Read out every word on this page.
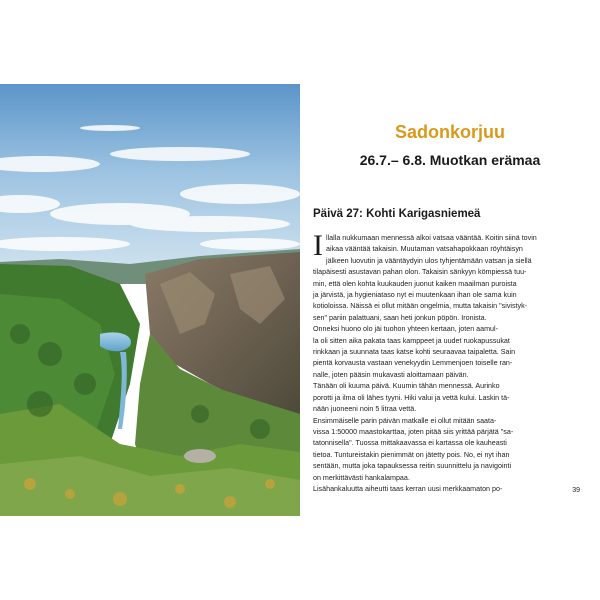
Sadonkorjuu
26.7.– 6.8. Muotkan erämaa
Päivä 27: Kohti Karigasniemeä
I llalla nukkumaan mennessä alkoi vatsaa vääntää. Koitin siinä tovin

aikaa vääntää takaisin. Muutaman vatsahapokkaan röyhtäisyn

jälkeen luovutin ja vääntäydyin ulos tyhjentämään vatsan ja siellä

tilapäisesti asustavan pahan olon. Takaisin sänkyyn kömpiessä tuu-

min, että olen kohta kuukauden juonut kaiken maailman puroista

ja järvistä, ja hygieniatasо nyt ei muutenkaan ihan ole sama kuin

kotiolоissa. Näissä ei ollut mitään ongelmia, mutta takaisin "sivistyk-

sen" pariin palattuani, saan heti jonkun pöpön. Ironista.

Onneksi huono olo jäi tuohon yhteen kertaan, joten aamul-

la oli sitten aika pakata taas kamppeet ja uudet ruokapussukat

rinkkaan ja suunnata taas katse kohti seuraavaa taipaletta. Sain

pientä korvausta vastaan venekyydin Lemmenjoen toiselle ran-

nalle, joten pääsin mukavasti aloittamaan päivän.

Tänään oli kuuma päivä. Kuumin tähän mennessä. Aurinko

porotti ja ilma oli lähes tyyni. Hiki valui ja vettä kului. Laskin tä-

nään juoneeni noin 5 litraa vettä.

Ensimmäiselle parin päivän matkalle ei ollut mitään saata-

vissa 1:50000 maastokarttaa, joten pitää siis yrittää pärjätä "sa-

tatonnisella". Tuossa mittakaavassa ei kartassa ole kauheasti

tietoa. Tunturеistakin pienimmät on jätetty pois. No, ei nyt ihan

sentään, mutta joka tapauksessa reitin suunnittelu ja navigointi

on merkittävästi hankalampaa.

Lisähankaluutta aiheutti taas kerran uusi merkkaamaton po-	39
